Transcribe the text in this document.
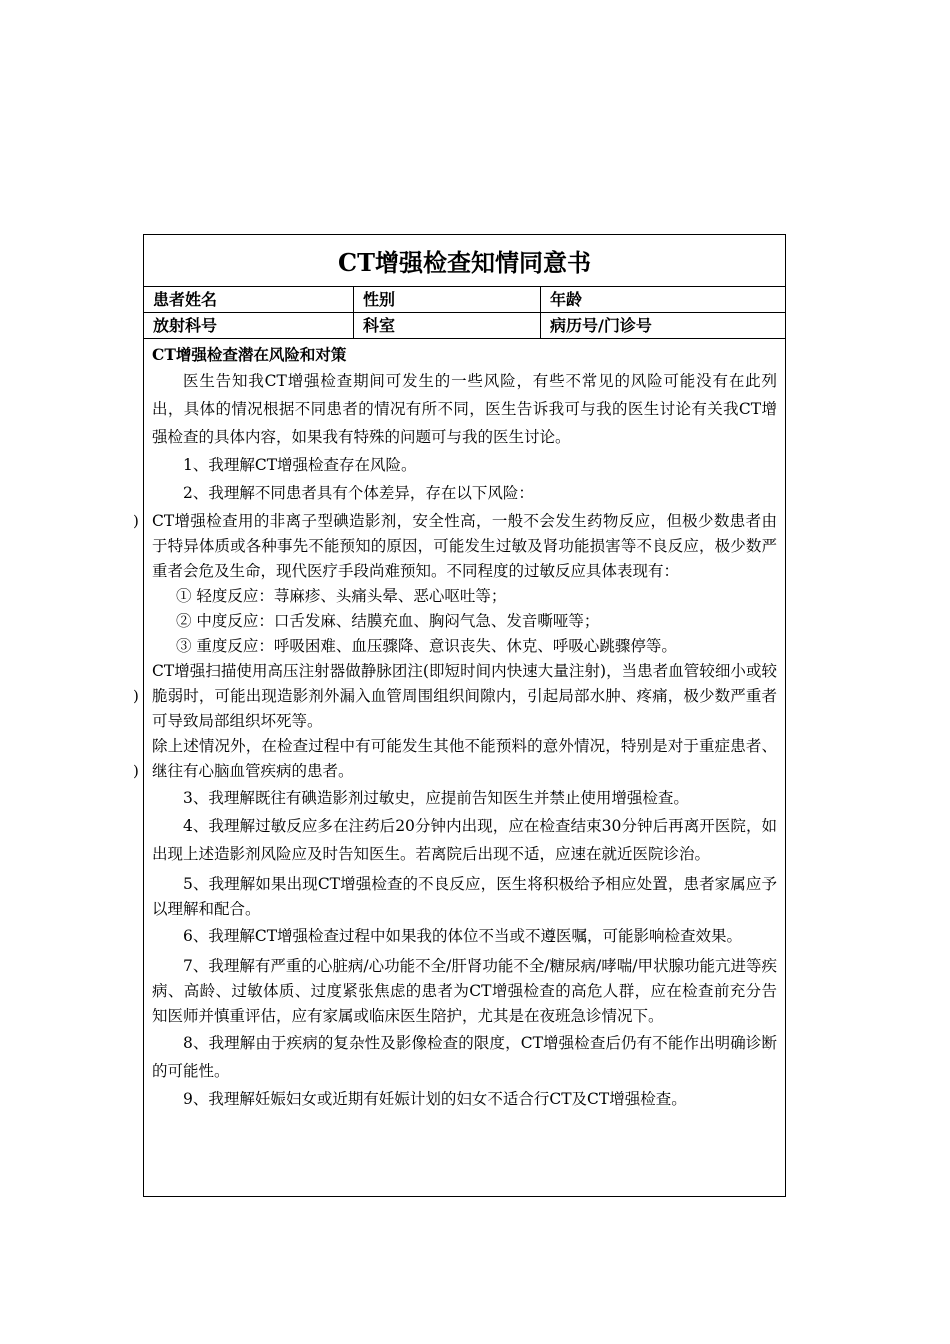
CT增强检查知情同意书
患者姓名	性别	年龄
放射科号	科室	病历号/门诊号

CT增强检查潜在风险和对策

医生告知我CT增强检查期间可发生的一些风险，有些不常见的风险可能没有在此列出，具体的情况根据不同患者的情况有所不同，医生告诉我可与我的医生讨论有关我CT增强检查的具体内容，如果我有特殊的问题可与我的医生讨论。

1、我理解CT增强检查存在风险。

2、我理解不同患者具有个体差异，存在以下风险：

CT增强检查用的非离子型碘造影剂，安全性高，一般不会发生药物反应，但极少数患者由于特异体质或各种事先不能预知的原因，可能发生过敏及肾功能损害等不良反应，极少数严重者会危及生命，现代医疗手段尚难预知。不同程度的过敏反应具体表现有：

① 轻度反应：荨麻疹、头痛头晕、恶心呕吐等；

② 中度反应：口舌发麻、结膜充血、胸闷气急、发音嘶哑等；

③ 重度反应：呼吸困难、血压骤降、意识丧失、休克、呼吸心跳骤停等。

CT增强扫描使用高压注射器做静脉团注(即短时间内快速大量注射)，当患者血管较细小或较脆弱时，可能出现造影剂外漏入血管周围组织间隙内，引起局部水肿、疼痛，极少数严重者可导致局部组织坏死等。

除上述情况外，在检查过程中有可能发生其他不能预料的意外情况，特别是对于重症患者、继往有心脑血管疾病的患者。

3、我理解既往有碘造影剂过敏史，应提前告知医生并禁止使用增强检查。

4、我理解过敏反应多在注药后20分钟内出现，应在检查结束30分钟后再离开医院，如出现上述造影剂风险应及时告知医生。若离院后出现不适，应速在就近医院诊治。

5、我理解如果出现CT增强检查的不良反应，医生将积极给予相应处置，患者家属应予以理解和配合。

6、我理解CT增强检查过程中如果我的体位不当或不遵医嘱，可能影响检查效果。

7、我理解有严重的心脏病/心功能不全/肝肾功能不全/糖尿病/哮喘/甲状腺功能亢进等疾病、高龄、过敏体质、过度紧张焦虑的患者为CT增强检查的高危人群，应在检查前充分告知医师并慎重评估，应有家属或临床医生陪护，尤其是在夜班急诊情况下。

8、我理解由于疾病的复杂性及影像检查的限度，CT增强检查后仍有不能作出明确诊断的可能性。

9、我理解妊娠妇女或近期有妊娠计划的妇女不适合行CT及CT增强检查。

)
)
)
